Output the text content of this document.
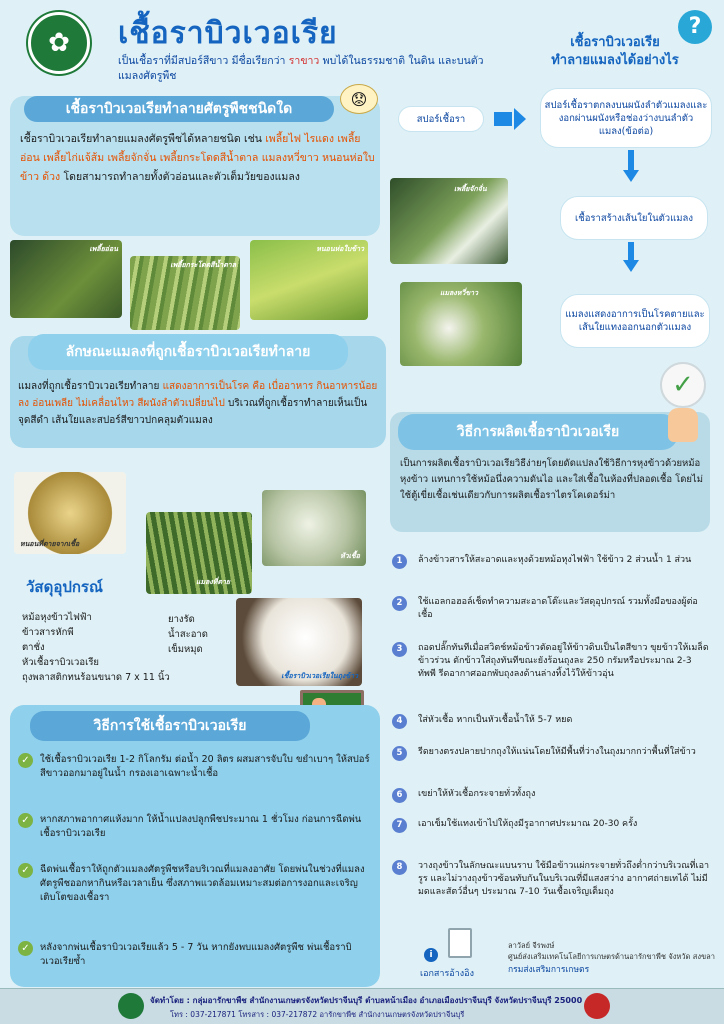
✿	เชื้อราบิวเวอเรีย
เป็นเชื้อราที่มีสปอร์สีขาว มีชื่อเรียกว่า ราขาว พบได้ในธรรมชาติ ในดิน และบนตัวแมลงศัตรูพืช
?
เชื้อราบิวเวอเรีย
ทำลายแมลงได้อย่างไร
เชื้อราบิวเวอเรียทำลายศัตรูพืชชนิดใด
เชื้อราบิวเวอเรียทำลายแมลงศัตรูพืชได้หลายชนิด เช่น เพลี้ยไฟ ไรแดง เพลี้ยอ่อน เพลี้ยไก่แจ้ส้ม เพลี้ยจักจั่น เพลี้ยกระโดดสีน้ำตาล แมลงหวี่ขาว หนอนห่อใบข้าว ด้วง โดยสามารถทำลายทั้งตัวอ่อนและตัวเต็มวัยของแมลง
😟
เพลี้ยอ่อน
เพลี้ยกระโดดสีน้ำตาล
หนอนห่อใบข้าว
ลักษณะแมลงที่ถูกเชื้อราบิวเวอเรียทำลาย
แมลงที่ถูกเชื้อราบิวเวอเรียทำลาย แสดงอาการเป็นโรค คือ เบื่ออาหาร กินอาหารน้อยลง อ่อนเพลีย ไม่เคลื่อนไหว สีผนังลำตัวเปลี่ยนไป บริเวณที่ถูกเชื้อราทำลายเห็นเป็นจุดสีดำ เส้นใยและสปอร์สีขาวปกคลุมตัวแมลง
หนอนที่ตายจากเชื้อ
แมลงที่ตาย
หัวเชื้อ
วัสดุอุปกรณ์
หม้อหุงข้าวไฟฟ้า
ข้าวสารหักพี
ตาชั่ง
หัวเชื้อราบิวเวอเรีย
ถุงพลาสติกทนร้อนขนาด 7 x 11 นิ้ว
ยางรัด
น้ำสะอาด
เข็มหมุด
เชื้อราบิวเวอเรียในถุงข้าว
วิธีการใช้เชื้อราบิวเวอเรีย
✓	ใช้เชื้อราบิวเวอเรีย 1-2 กิโลกรัม ต่อน้ำ 20 ลิตร ผสมสารจับใบ ขยำเบาๆ ให้สปอร์สีขาวออกมาอยู่ในน้ำ กรองเอาเฉพาะน้ำเชื้อ
✓	หากสภาพอากาศแห้งมาก ให้น้ำแปลงปลูกพืชประมาณ 1 ชั่วโมง ก่อนการฉีดพ่นเชื้อราบิวเวอเรีย
✓	ฉีดพ่นเชื้อราให้ถูกตัวแมลงศัตรูพืชหรือบริเวณที่แมลงอาศัย โดยพ่นในช่วงที่แมลงศัตรูพืชออกหากินหรือเวลาเย็น ซึ่งสภาพแวดล้อมเหมาะสมต่อการงอกและเจริญเติบโตของเชื้อรา
✓	หลังจากพ่นเชื้อราบิวเวอเรียแล้ว 5 - 7 วัน หากยังพบแมลงศัตรูพืช พ่นเชื้อราบิวเวอเรียซ้ำ
สปอร์เชื้อรา
สปอร์เชื้อราตกลงบนผนังลำตัวแมลงและงอกผ่านผนังหรือช่องว่างบนลำตัวแมลง(ข้อต่อ)
เพลี้ยจักจั่น
เชื้อราสร้างเส้นใยในตัวแมลง
แมลงหวี่ขาว
แมลงแสดงอาการเป็นโรคตายและเส้นใยแทงออกนอกตัวแมลง
✓
วิธีการผลิตเชื้อราบิวเวอเรีย
เป็นการผลิตเชื้อราบิวเวอเรียวิธีง่ายๆโดยดัดแปลงใช้วิธีการหุงข้าวด้วยหม้อหุงข้าว แทนการใช้หม้อนึ่งความดันไอ และใส่เชื้อในห้องที่ปลอดเชื้อ โดยไม่ใช้ตู้เขี่ยเชื้อเช่นเดียวกับการผลิตเชื้อราไตรโคเดอร์ม่า
1	ล้างข้าวสารให้สะอาดและหุงด้วยหม้อหุงไฟฟ้า ใช้ข้าว 2 ส่วนน้ำ 1 ส่วน
2	ใช้แอลกอฮอล์เช็ดทำความสะอาดโต๊ะและวัสดุอุปกรณ์ รวมทั้งมือของผู้ต่อเชื้อ
3	ถอดปลั๊กทันทีเมื่อสวิตช์หม้อข้าวตัดอยู่ให้ข้าวดิบเป็นไตสีขาว ขุยข้าวให้เมล็ดข้าวร่วน ตักข้าวใส่ถุงทันทีขณะยังร้อนถุงละ 250 กรัมหรือประมาณ 2-3 ทัพพี รีดอากาศออกพับถุงลงด้านล่างทิ้งไว้ให้ข้าวอุ่น
4	ใส่หัวเชื้อ หากเป็นหัวเชื้อน้ำให้ 5-7 หยด
5	รีดยางตรงปลายปากถุงให้แน่นโดยให้มีพื้นที่ว่างในถุงมากกว่าพื้นที่ใส่ข้าว
6	เขย่าให้หัวเชื้อกระจายทั่วทั้งถุง
7	เอาเข็มใช้แทงเข้าไปให้ถุงมีรูอากาศประมาณ 20-30 ครั้ง
8	วางถุงข้าวในลักษณะแบนราบ ใช้มือข้าวแผ่กระจายทั่วถึงต่ำกว่าบริเวณที่เอารูร และไม่วางถุงข้าวซ้อนทับกันในบริเวณที่มีแสงสว่าง อากาศถ่ายเทได้ ไม่มีมดและสัตว์อื่นๆ ประมาณ 7-10 วันเชื้อเจริญเต็มถุง
i
เอกสารอ้างอิง
ลาวัลย์ จีรพงษ์
ศูนย์ส่งเสริมเทคโนโลยีการเกษตรด้านอารักขาพืช จังหวัด สงขลา
กรมส่งเสริมการเกษตร
จัดทำโดย : กลุ่มอารักขาพืช สำนักงานเกษตรจังหวัดปราจีนบุรี ตำบลหน้าเมือง อำเภอเมืองปราจีนบุรี จังหวัดปราจีนบุรี 25000
โทร : 037-217871 โทรสาร : 037-217872 อารักขาพืช สำนักงานเกษตรจังหวัดปราจีนบุรี
